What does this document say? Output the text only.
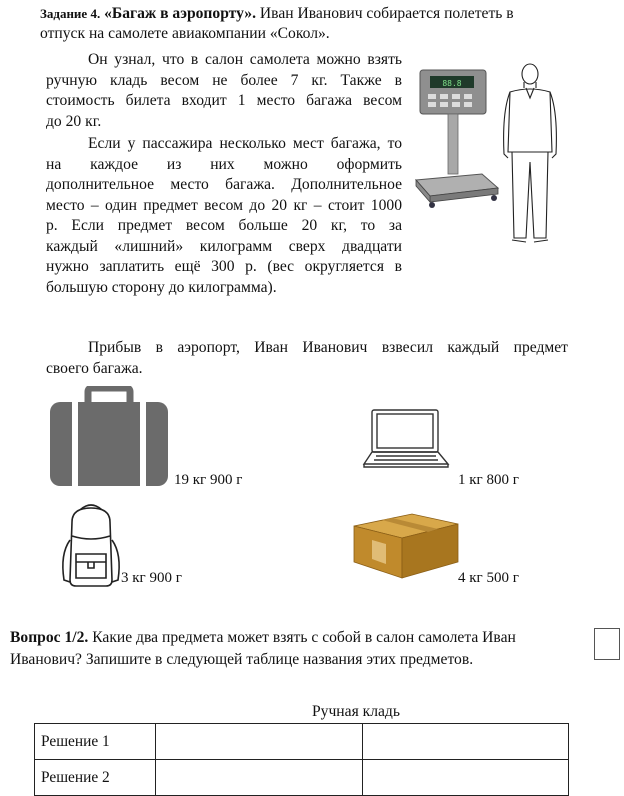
Задание 4. «Багаж в аэропорту». Иван Иванович собирается полететь в
отпуск на самолете авиакомпании «Сокол».
Он узнал, что в салон самолета можно взять
ручную кладь весом не более 7 кг. Также в
стоимость билета входит 1 место багажа весом
до 20 кг.
Если у пассажира несколько мест багажа, то
на каждое из них можно оформить
дополнительное место багажа. Дополнительное
место – один предмет весом до 20 кг – стоит 1000
р. Если предмет весом больше 20 кг, то за
каждый «лишний» килограмм сверх двадцати
нужно заплатить ещё 300 р. (вес округляется в
большую сторону до килограмма).
88.8
Прибыв в аэропорт, Иван Иванович взвесил каждый предмет
своего багажа.
19 кг 900 г	1 кг 800 г
3 кг 900 г	4 кг 500 г
Вопрос 1/2. Какие два предмета может взять с собой в салон самолета Иван
Иванович? Запишите в следующей таблице названия этих предметов.
Ручная кладь
Решение 1		
Решение 2		
